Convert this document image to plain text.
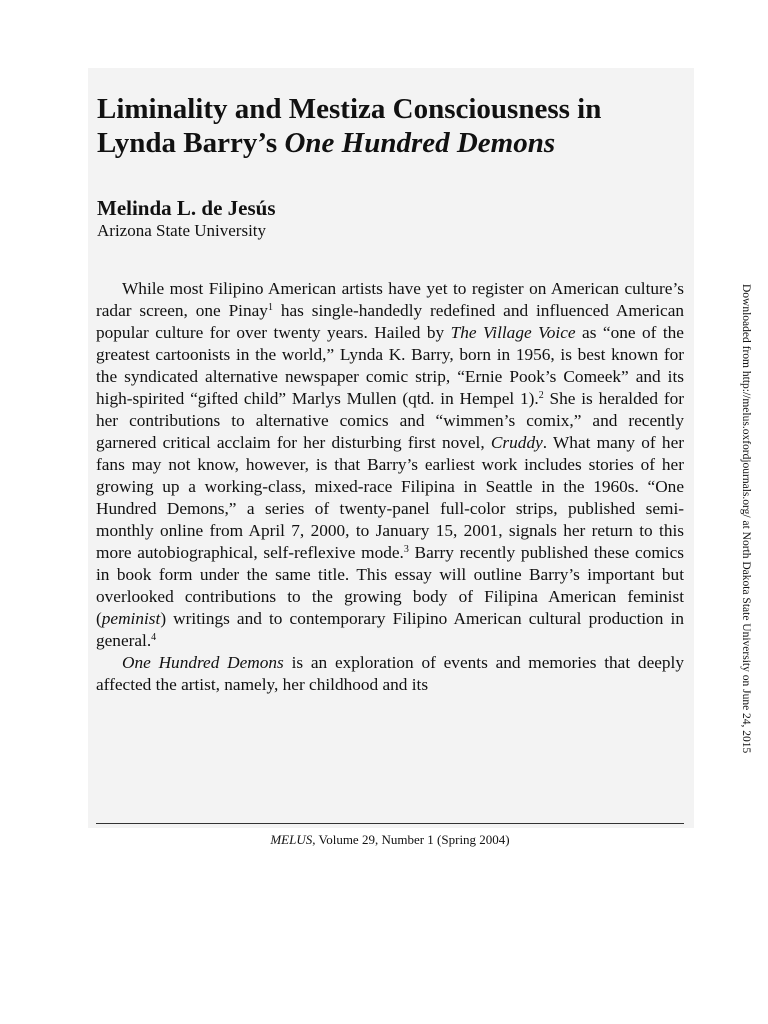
Liminality and Mestiza Consciousness in
Lynda Barry’s One Hundred Demons
Melinda L. de Jesús
Arizona State University

While most Filipino American artists have yet to register on American culture’s radar screen, one Pinay$^1$ has single-handedly redefined and influenced American popular culture for over twenty years. Hailed by The Village Voice as “one of the greatest cartoonists in the world,” Lynda K. Barry, born in 1956, is best known for the syndicated alternative newspaper comic strip, “Ernie Pook’s Comeek” and its high-spirited “gifted child” Marlys Mullen (qtd. in Hempel 1).$^2$ She is heralded for her contributions to alternative comics and “wimmen’s comix,” and recently garnered critical acclaim for her disturbing first novel, Cruddy. What many of her fans may not know, however, is that Barry’s earliest work includes stories of her growing up a working-class, mixed-race Filipina in Seattle in the 1960s. “One Hundred Demons,” a series of twenty-panel full-color strips, published semi-monthly online from April 7, 2000, to January 15, 2001, signals her return to this more autobiographical, self-reflexive mode.$^3$ Barry recently published these comics in book form under the same title. This essay will outline Barry’s important but overlooked contributions to the growing body of Filipina American feminist (peminist) writings and to contemporary Filipino American cultural production in general.$^4$

One Hundred Demons is an exploration of events and memories that deeply affected the artist, namely, her childhood and its

MELUS, Volume 29, Number 1 (Spring 2004)
Downloaded from http://melus.oxfordjournals.org/ at North Dakota State University on June 24, 2015
